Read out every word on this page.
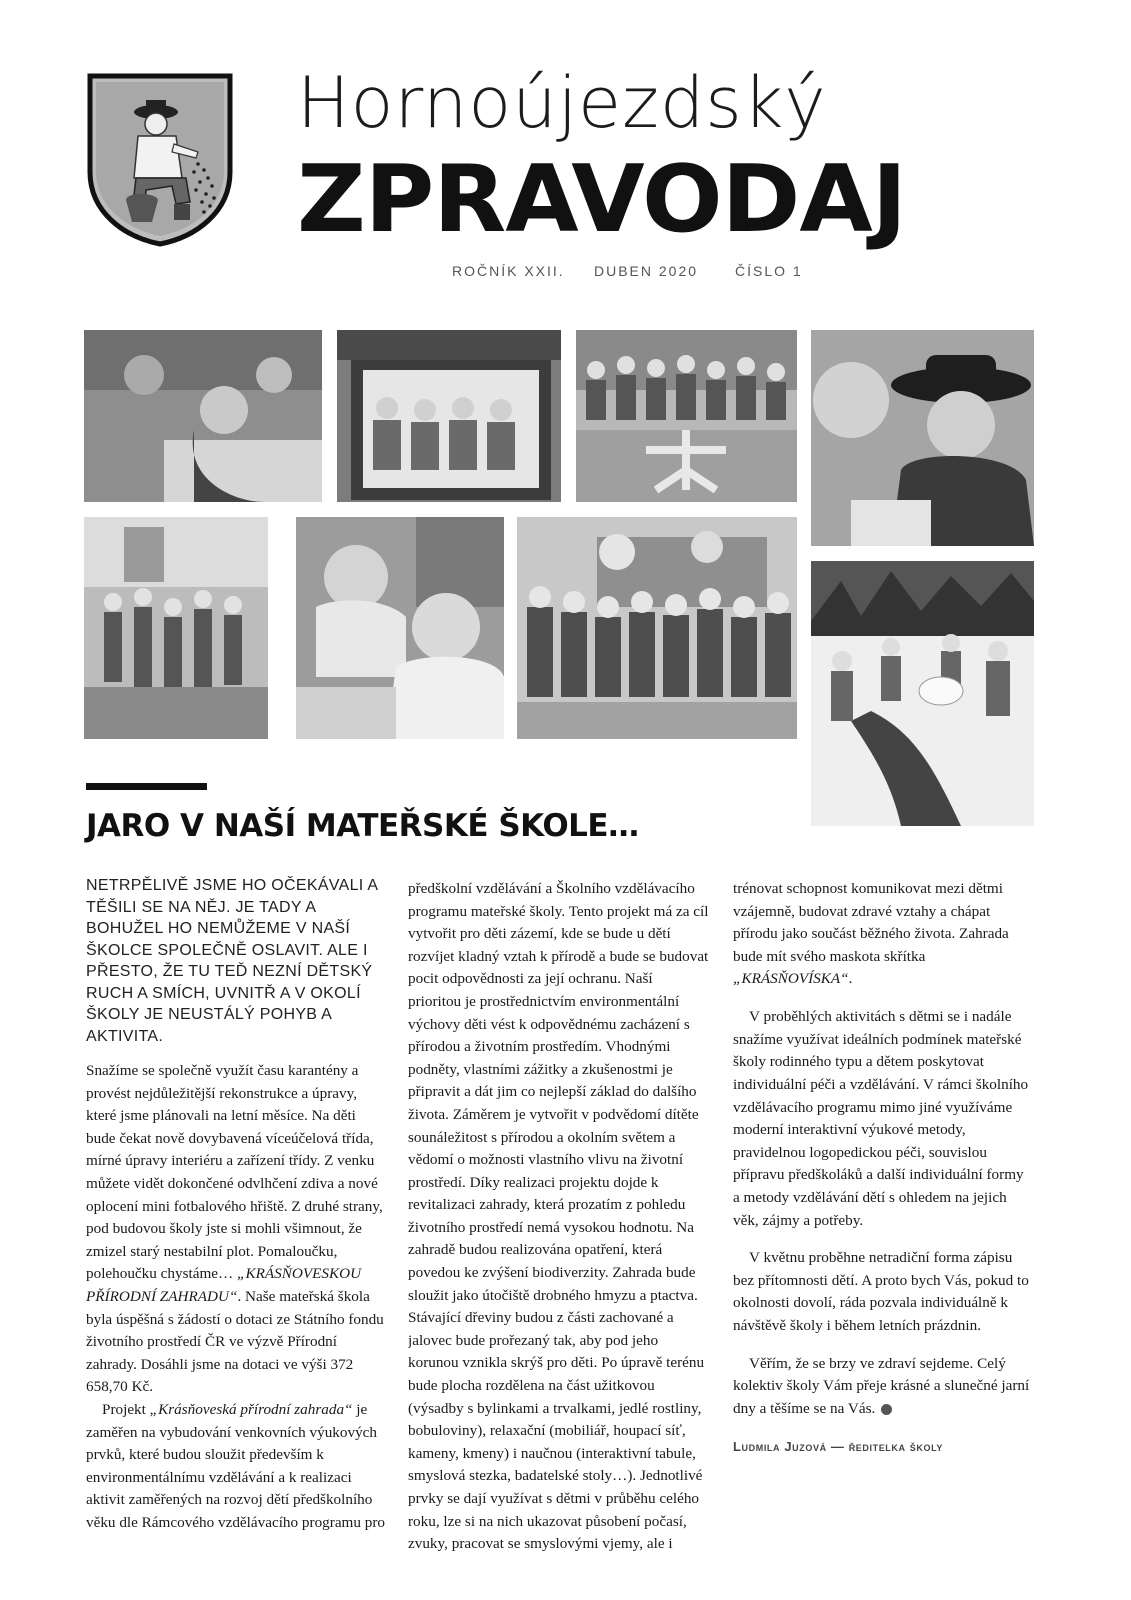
Hornoújezdský
ZPRAVODAJ
ROČNÍK XXII. DUBEN 2020	ČÍSLO 1
JARO V NAŠÍ MATEŘSKÉ ŠKOLE…

NETRPĚLIVĚ JSME HO OČEKÁVALI A TĚŠILI SE NA NĚJ. JE TADY A BOHUŽEL HO NEMŮŽEME V NAŠÍ ŠKOLCE SPOLEČNĚ OSLAVIT. ALE I PŘESTO, ŽE TU TEĎ NEZNÍ DĚTSKÝ RUCH A SMÍCH, UVNITŘ A V OKOLÍ ŠKOLY JE NEUSTÁLÝ POHYB A AKTIVITA.

Snažíme se společně využít času karantény a provést nejdůležitější rekonstrukce a úpravy, které jsme plánovali na letní měsíce. Na děti bude čekat nově dovybavená víceúčelová třída, mírné úpravy interiéru a zařízení třídy. Z venku můžete vidět dokončené odvlhčení zdiva a nové oplocení mini fotbalového hřiště. Z druhé strany, pod budovou školy jste si mohli všimnout, že zmizel starý nestabilní plot. Pomaloučku, polehoučku chystáme… „KRÁSŇOVESKOU PŘÍRODNÍ ZAHRADU“. Naše mateřská škola byla úspěšná s žádostí o dotaci ze Státního fondu životního prostředí ČR ve výzvě Přírodní zahrady. Dosáhli jsme na dotaci ve výši 372 658,70 Kč.

Projekt „Krásňoveská přírodní zahrada“ je zaměřen na vybudování venkovních výukových prvků, které budou sloužit především k environmentálnímu vzdělávání a k realizaci aktivit zaměřených na rozvoj dětí předškolního věku dle Rámcového vzdělávacího programu pro

předškolní vzdělávání a Školního vzdělávacího programu mateřské školy. Tento projekt má za cíl vytvořit pro děti zázemí, kde se bude u dětí rozvíjet kladný vztah k přírodě a bude se budovat pocit odpovědnosti za její ochranu. Naší prioritou je prostřednictvím environmentální výchovy děti vést k odpovědnému zacházení s přírodou a životním prostředím. Vhodnými podněty, vlastními zážitky a zkušenostmi je připravit a dát jim co nejlepší základ do dalšího života. Záměrem je vytvořit v podvědomí dítěte sounáležitost s přírodou a okolním světem a vědomí o možnosti vlastního vlivu na životní prostředí. Díky realizaci projektu dojde k revitalizaci zahrady, která prozatím z pohledu životního prostředí nemá vysokou hodnotu. Na zahradě budou realizována opatření, která povedou ke zvýšení biodiverzity. Zahrada bude sloužit jako útočiště drobného hmyzu a ptactva. Stávající dřeviny budou z části zachované a jalovec bude prořezaný tak, aby pod jeho korunou vznikla skrýš pro děti. Po úpravě terénu bude plocha rozdělena na část užitkovou (výsadby s bylinkami a trvalkami, jedlé rostliny, bobuloviny), relaxační (mobiliář, houpací síť, kameny, kmeny) i naučnou (interaktivní tabule, smyslová stezka, badatelské stoly…). Jednotlivé prvky se dají využívat s dětmi v průběhu celého roku, lze si na nich ukazovat působení počasí, zvuky, pracovat se smyslovými vjemy, ale i trénovat schopnost komunikovat mezi dětmi vzájemně, budovat zdravé vztahy a chápat přírodu jako součást běžného života. Zahrada bude mít svého maskota skřítka „KRÁSŇOVÍSKA“.

V proběhlých aktivitách s dětmi se i nadále snažíme využívat ideálních podmínek mateřské školy rodinného typu a dětem poskytovat individuální péči a vzdělávání. V rámci školního vzdělávacího programu mimo jiné využíváme moderní interaktivní výukové metody, pravidelnou logopedickou péči, souvislou přípravu předškoláků a další individuální formy a metody vzdělávání dětí s ohledem na jejich věk, zájmy a potřeby.

V květnu proběhne netradiční forma zápisu bez přítomnosti dětí. A proto bych Vás, pokud to okolnosti dovolí, ráda pozvala individuálně k návštěvě školy i během letních prázdnin.

Věřím, že se brzy ve zdraví sejdeme. Celý kolektiv školy Vám přeje krásné a slunečné jarní dny a těšíme se na Vás.

Ludmila Juzová — ředitelka školy
